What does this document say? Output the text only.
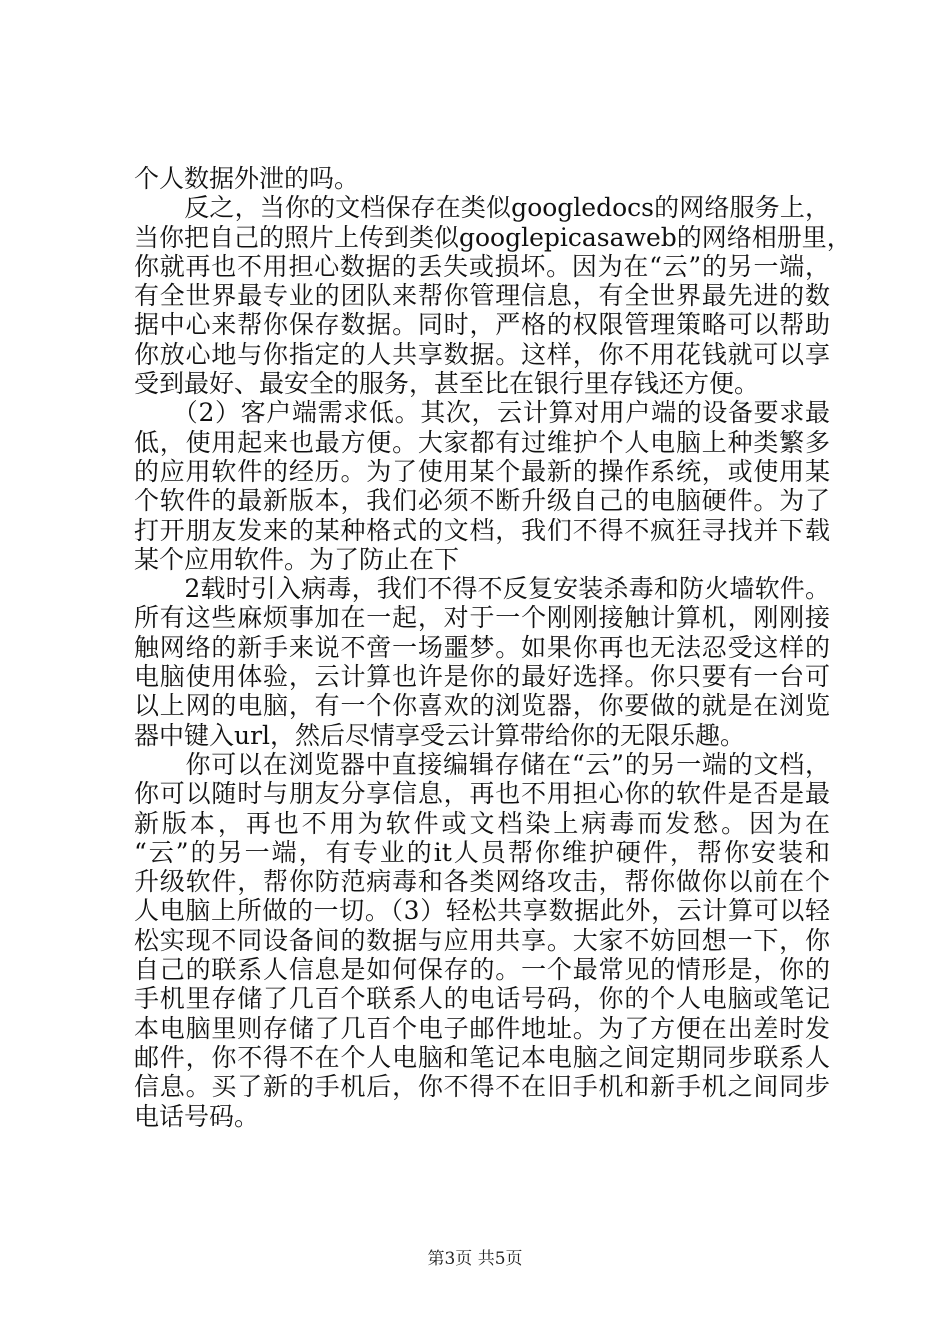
个人数据外泄的吗。
　　反之，当你的文档保存在类似googledocs的网络服务上，
当你把自己的照片上传到类似googlepicasaweb的网络相册里，
你就再也不用担心数据的丢失或损坏。因为在“云”的另一端，
有全世界最专业的团队来帮你管理信息，有全世界最先进的数
据中心来帮你保存数据。同时，严格的权限管理策略可以帮助
你放心地与你指定的人共享数据。这样，你不用花钱就可以享
受到最好、最安全的服务，甚至比在银行里存钱还方便。
　　（2）客户端需求低。其次，云计算对用户端的设备要求最
低，使用起来也最方便。大家都有过维护个人电脑上种类繁多
的应用软件的经历。为了使用某个最新的操作系统，或使用某
个软件的最新版本，我们必须不断升级自己的电脑硬件。为了
打开朋友发来的某种格式的文档，我们不得不疯狂寻找并下载
某个应用软件。为了防止在下
　　2载时引入病毒，我们不得不反复安装杀毒和防火墙软件。
所有这些麻烦事加在一起，对于一个刚刚接触计算机，刚刚接
触网络的新手来说不啻一场噩梦。如果你再也无法忍受这样的
电脑使用体验，云计算也许是你的最好选择。你只要有一台可
以上网的电脑，有一个你喜欢的浏览器，你要做的就是在浏览
器中键入url，然后尽情享受云计算带给你的无限乐趣。
　　你可以在浏览器中直接编辑存储在“云”的另一端的文档，
你可以随时与朋友分享信息，再也不用担心你的软件是否是最
新版本，再也不用为软件或文档染上病毒而发愁。因为在
“云”的另一端，有专业的it人员帮你维护硬件，帮你安装和
升级软件，帮你防范病毒和各类网络攻击，帮你做你以前在个
人电脑上所做的一切。（3）轻松共享数据此外，云计算可以轻
松实现不同设备间的数据与应用共享。大家不妨回想一下，你
自己的联系人信息是如何保存的。一个最常见的情形是，你的
手机里存储了几百个联系人的电话号码，你的个人电脑或笔记
本电脑里则存储了几百个电子邮件地址。为了方便在出差时发
邮件，你不得不在个人电脑和笔记本电脑之间定期同步联系人
信息。买了新的手机后，你不得不在旧手机和新手机之间同步
电话号码。
第3页 共5页
